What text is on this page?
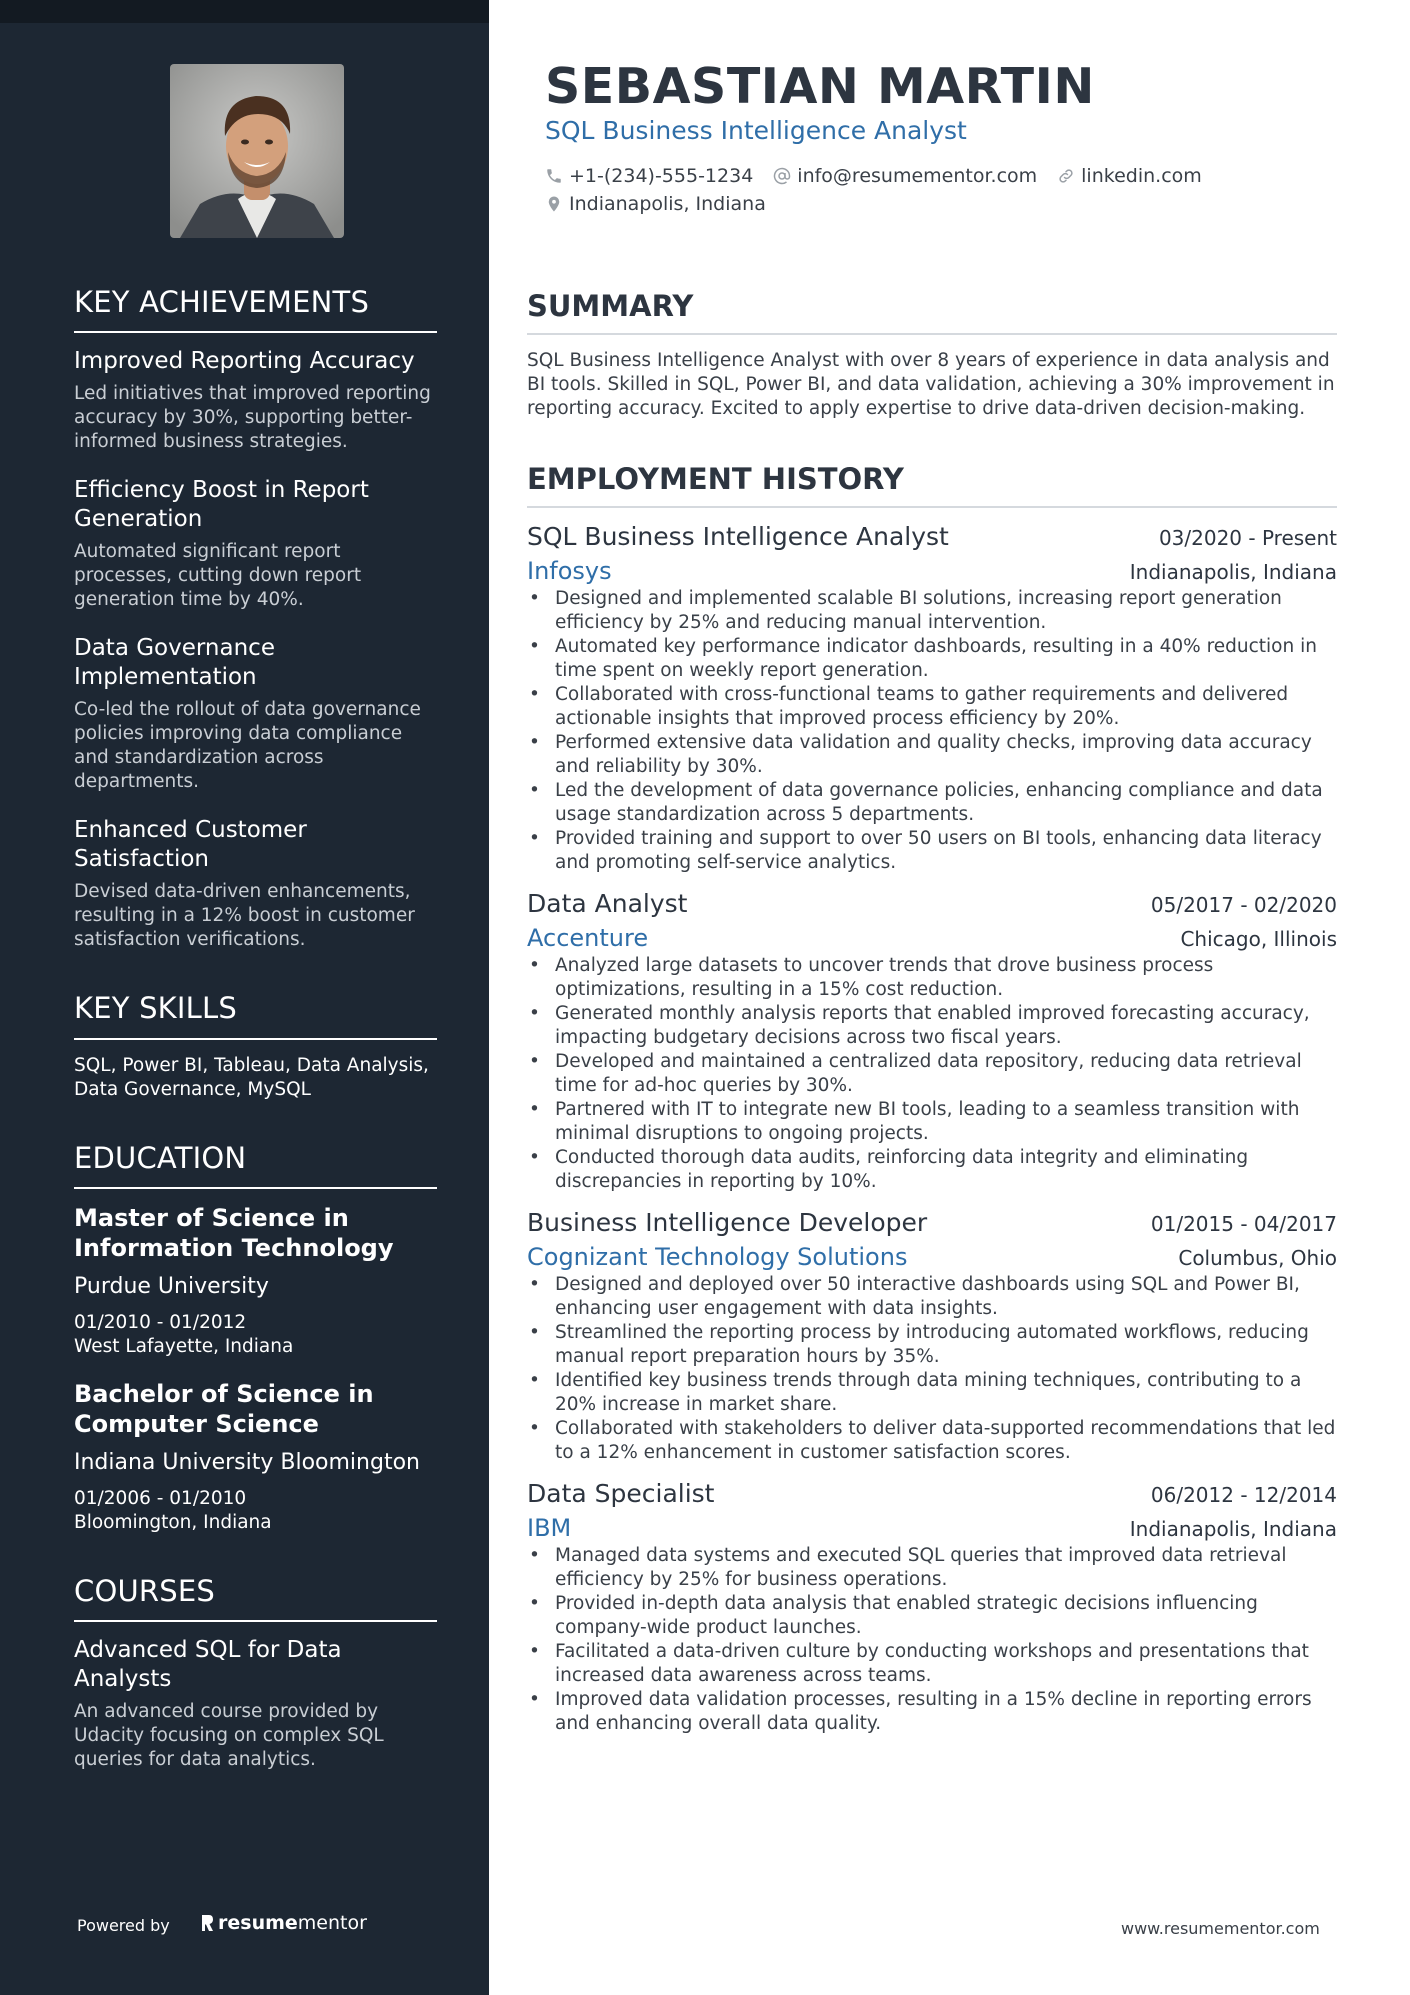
KEY ACHIEVEMENTS

Improved Reporting Accuracy

Led initiatives that improved reporting accuracy by 30%, supporting better-informed business strategies.

Efficiency Boost in Report Generation

Automated significant report processes, cutting down report generation time by 40%.

Data Governance Implementation

Co-led the rollout of data governance policies improving data compliance and standardization across departments.

Enhanced Customer Satisfaction

Devised data-driven enhancements, resulting in a 12% boost in customer satisfaction verifications.

KEY SKILLS

SQL, Power BI, Tableau, Data Analysis, Data Governance, MySQL

EDUCATION

Master of Science in Information Technology

Purdue University

01/2010 - 01/2012
West Lafayette, Indiana

Bachelor of Science in Computer Science

Indiana University Bloomington

01/2006 - 01/2010
Bloomington, Indiana

COURSES

Advanced SQL for Data Analysts

An advanced course provided by Udacity focusing on complex SQL queries for data analytics.

Powered by	resume mentor
SEBASTIAN MARTIN
SQL Business Intelligence Analyst
+1-(234)-555-1234 info@resumementor.com linkedin.com
Indianapolis, Indiana
SUMMARY

SQL Business Intelligence Analyst with over 8 years of experience in data analysis and BI tools. Skilled in SQL, Power BI, and data validation, achieving a 30% improvement in reporting accuracy. Excited to apply expertise to drive data-driven decision-making.

EMPLOYMENT HISTORY
SQL Business Intelligence Analyst	03/2020 - Present
Infosys	Indianapolis, Indiana
• Designed and implemented scalable BI solutions, increasing report generation efficiency by 25% and reducing manual intervention.
• Automated key performance indicator dashboards, resulting in a 40% reduction in time spent on weekly report generation.
• Collaborated with cross-functional teams to gather requirements and delivered actionable insights that improved process efficiency by 20%.
• Performed extensive data validation and quality checks, improving data accuracy and reliability by 30%.
• Led the development of data governance policies, enhancing compliance and data usage standardization across 5 departments.
• Provided training and support to over 50 users on BI tools, enhancing data literacy and promoting self-service analytics.
Data Analyst	05/2017 - 02/2020
Accenture	Chicago, Illinois
• Analyzed large datasets to uncover trends that drove business process optimizations, resulting in a 15% cost reduction.
• Generated monthly analysis reports that enabled improved forecasting accuracy, impacting budgetary decisions across two fiscal years.
• Developed and maintained a centralized data repository, reducing data retrieval time for ad-hoc queries by 30%.
• Partnered with IT to integrate new BI tools, leading to a seamless transition with minimal disruptions to ongoing projects.
• Conducted thorough data audits, reinforcing data integrity and eliminating discrepancies in reporting by 10%.
Business Intelligence Developer	01/2015 - 04/2017
Cognizant Technology Solutions	Columbus, Ohio
• Designed and deployed over 50 interactive dashboards using SQL and Power BI, enhancing user engagement with data insights.
• Streamlined the reporting process by introducing automated workflows, reducing manual report preparation hours by 35%.
• Identified key business trends through data mining techniques, contributing to a 20% increase in market share.
• Collaborated with stakeholders to deliver data-supported recommendations that led to a 12% enhancement in customer satisfaction scores.
Data Specialist	06/2012 - 12/2014
IBM	Indianapolis, Indiana
• Managed data systems and executed SQL queries that improved data retrieval efficiency by 25% for business operations.
• Provided in-depth data analysis that enabled strategic decisions influencing company-wide product launches.
• Facilitated a data-driven culture by conducting workshops and presentations that increased data awareness across teams.
• Improved data validation processes, resulting in a 15% decline in reporting errors and enhancing overall data quality.
www.resumementor.com
